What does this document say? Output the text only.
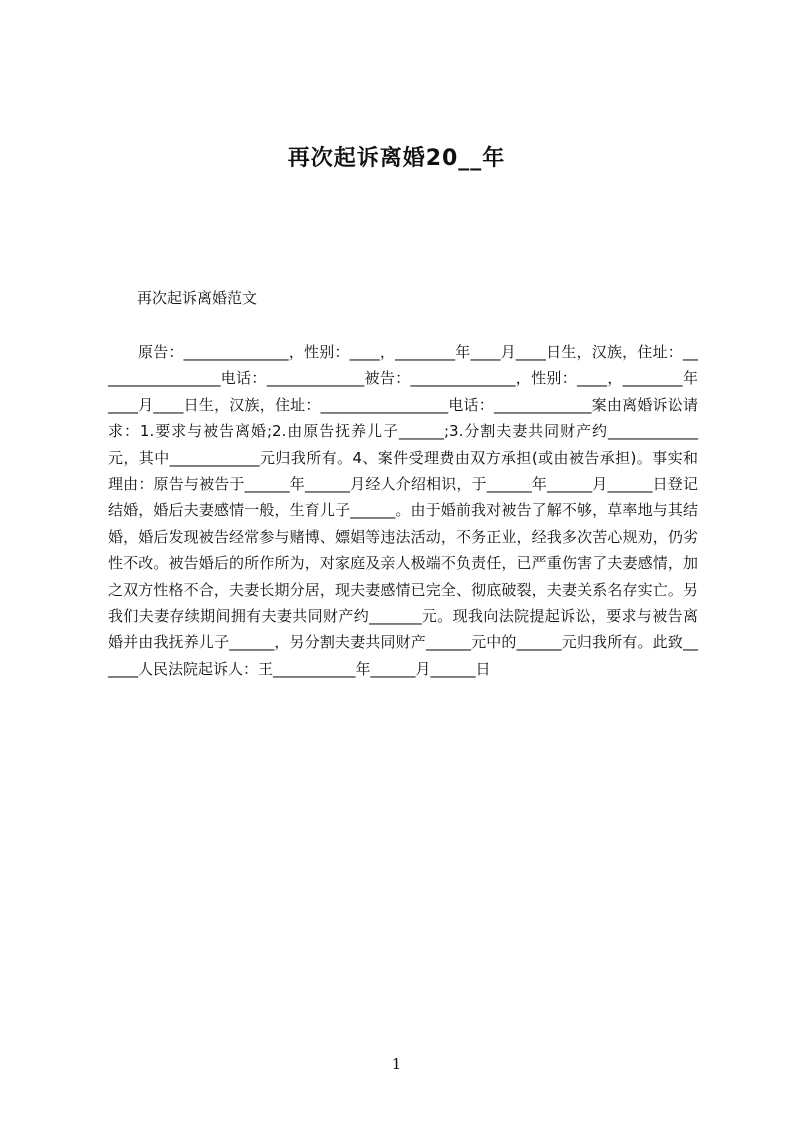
再次起诉离婚20__年
再次起诉离婚范文
原告：______________，性别：____，________年____月____日生，汉族，住址：_________________电话：_____________被告：______________，性别：____，________年____月____日生，汉族，住址：_________________电话：_____________案由离婚诉讼请求：1.要求与被告离婚;2.由原告抚养儿子______;3.分割夫妻共同财产约____________元，其中____________元归我所有。4、案件受理费由双方承担(或由被告承担)。事实和理由：原告与被告于______年______月经人介绍相识，于______年______月______日登记结婚，婚后夫妻感情一般，生育儿子______。由于婚前我对被告了解不够，草率地与其结婚，婚后发现被告经常参与赌博、嫖娼等违法活动，不务正业，经我多次苦心规劝，仍劣性不改。被告婚后的所作所为，对家庭及亲人极端不负责任，已严重伤害了夫妻感情，加之双方性格不合，夫妻长期分居，现夫妻感情已完全、彻底破裂，夫妻关系名存实亡。另我们夫妻存续期间拥有夫妻共同财产约_______元。现我向法院提起诉讼，要求与被告离婚并由我抚养儿子______，另分割夫妻共同财产______元中的______元归我所有。此致______人民法院起诉人：王___________年______月______日
1
